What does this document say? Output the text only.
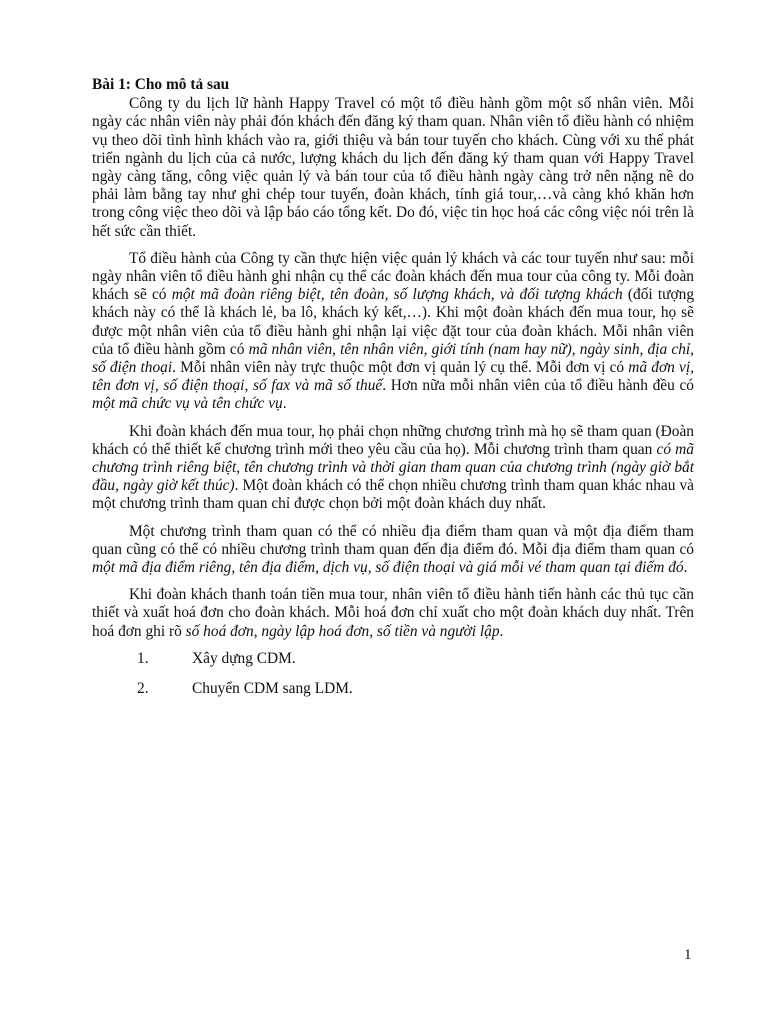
Bài 1: Cho mô tả sau
Công ty du lịch lữ hành Happy Travel có một tổ điều hành gồm một số nhân viên. Mỗi ngày các nhân viên này phải đón khách đến đăng ký tham quan. Nhân viên tổ điều hành có nhiệm vụ theo dõi tình hình khách vào ra, giới thiệu và bán tour tuyến cho khách. Cùng với xu thế phát triển ngành du lịch của cả nước, lượng khách du lịch đến đăng ký tham quan với Happy Travel ngày càng tăng, công việc quản lý và bán tour của tổ điều hành ngày càng trở nên nặng nề do phải làm bằng tay như ghi chép tour tuyến, đoàn khách, tính giá tour,…và càng khó khăn hơn trong công việc theo dõi và lập báo cáo tổng kết. Do đó, việc tin học hoá các công việc nói trên là hết sức cần thiết.
Tổ điều hành của Công ty cần thực hiện việc quản lý khách và các tour tuyến như sau: mỗi ngày nhân viên tổ điều hành ghi nhận cụ thể các đoàn khách đến mua tour của công ty. Mỗi đoàn khách sẽ có một mã đoàn riêng biệt, tên đoàn, số lượng khách, và đối tượng khách (đối tượng khách này có thể là khách lẻ, ba lô, khách ký kết,…). Khi một đoàn khách đến mua tour, họ sẽ được một nhân viên của tổ điều hành ghi nhận lại việc đặt tour của đoàn khách. Mỗi nhân viên của tổ điều hành gồm có mã nhân viên, tên nhân viên, giới tính (nam hay nữ), ngày sinh, địa chỉ, số điện thoại. Mỗi nhân viên này trực thuộc một đơn vị quản lý cụ thể. Mỗi đơn vị có mã đơn vị, tên đơn vị, số điện thoại, số fax và mã số thuế. Hơn nữa mỗi nhân viên của tổ điều hành đều có một mã chức vụ và tên chức vụ.
Khi đoàn khách đến mua tour, họ phải chọn những chương trình mà họ sẽ tham quan (Đoàn khách có thể thiết kế chương trình mới theo yêu cầu của họ). Mỗi chương trình tham quan có mã chương trình riêng biệt, tên chương trình và thời gian tham quan của chương trình (ngày giờ bắt đầu, ngày giờ kết thúc). Một đoàn khách có thể chọn nhiều chương trình tham quan khác nhau và một chương trình tham quan chỉ được chọn bởi một đoàn khách duy nhất.
Một chương trình tham quan có thể có nhiều địa điểm tham quan và một địa điểm tham quan cũng có thể có nhiều chương trình tham quan đến địa điểm đó. Mỗi địa điểm tham quan có một mã địa điểm riêng, tên địa điểm, dịch vụ, số điện thoại và giá mỗi vé tham quan tại điểm đó.
Khi đoàn khách thanh toán tiền mua tour, nhân viên tổ điều hành tiến hành các thủ tục cần thiết và xuất hoá đơn cho đoàn khách. Mỗi hoá đơn chỉ xuất cho một đoàn khách duy nhất. Trên hoá đơn ghi rõ số hoá đơn, ngày lập hoá đơn, số tiền và người lập.
1.	Xây dựng CDM.
2.	Chuyển CDM sang LDM.
1
